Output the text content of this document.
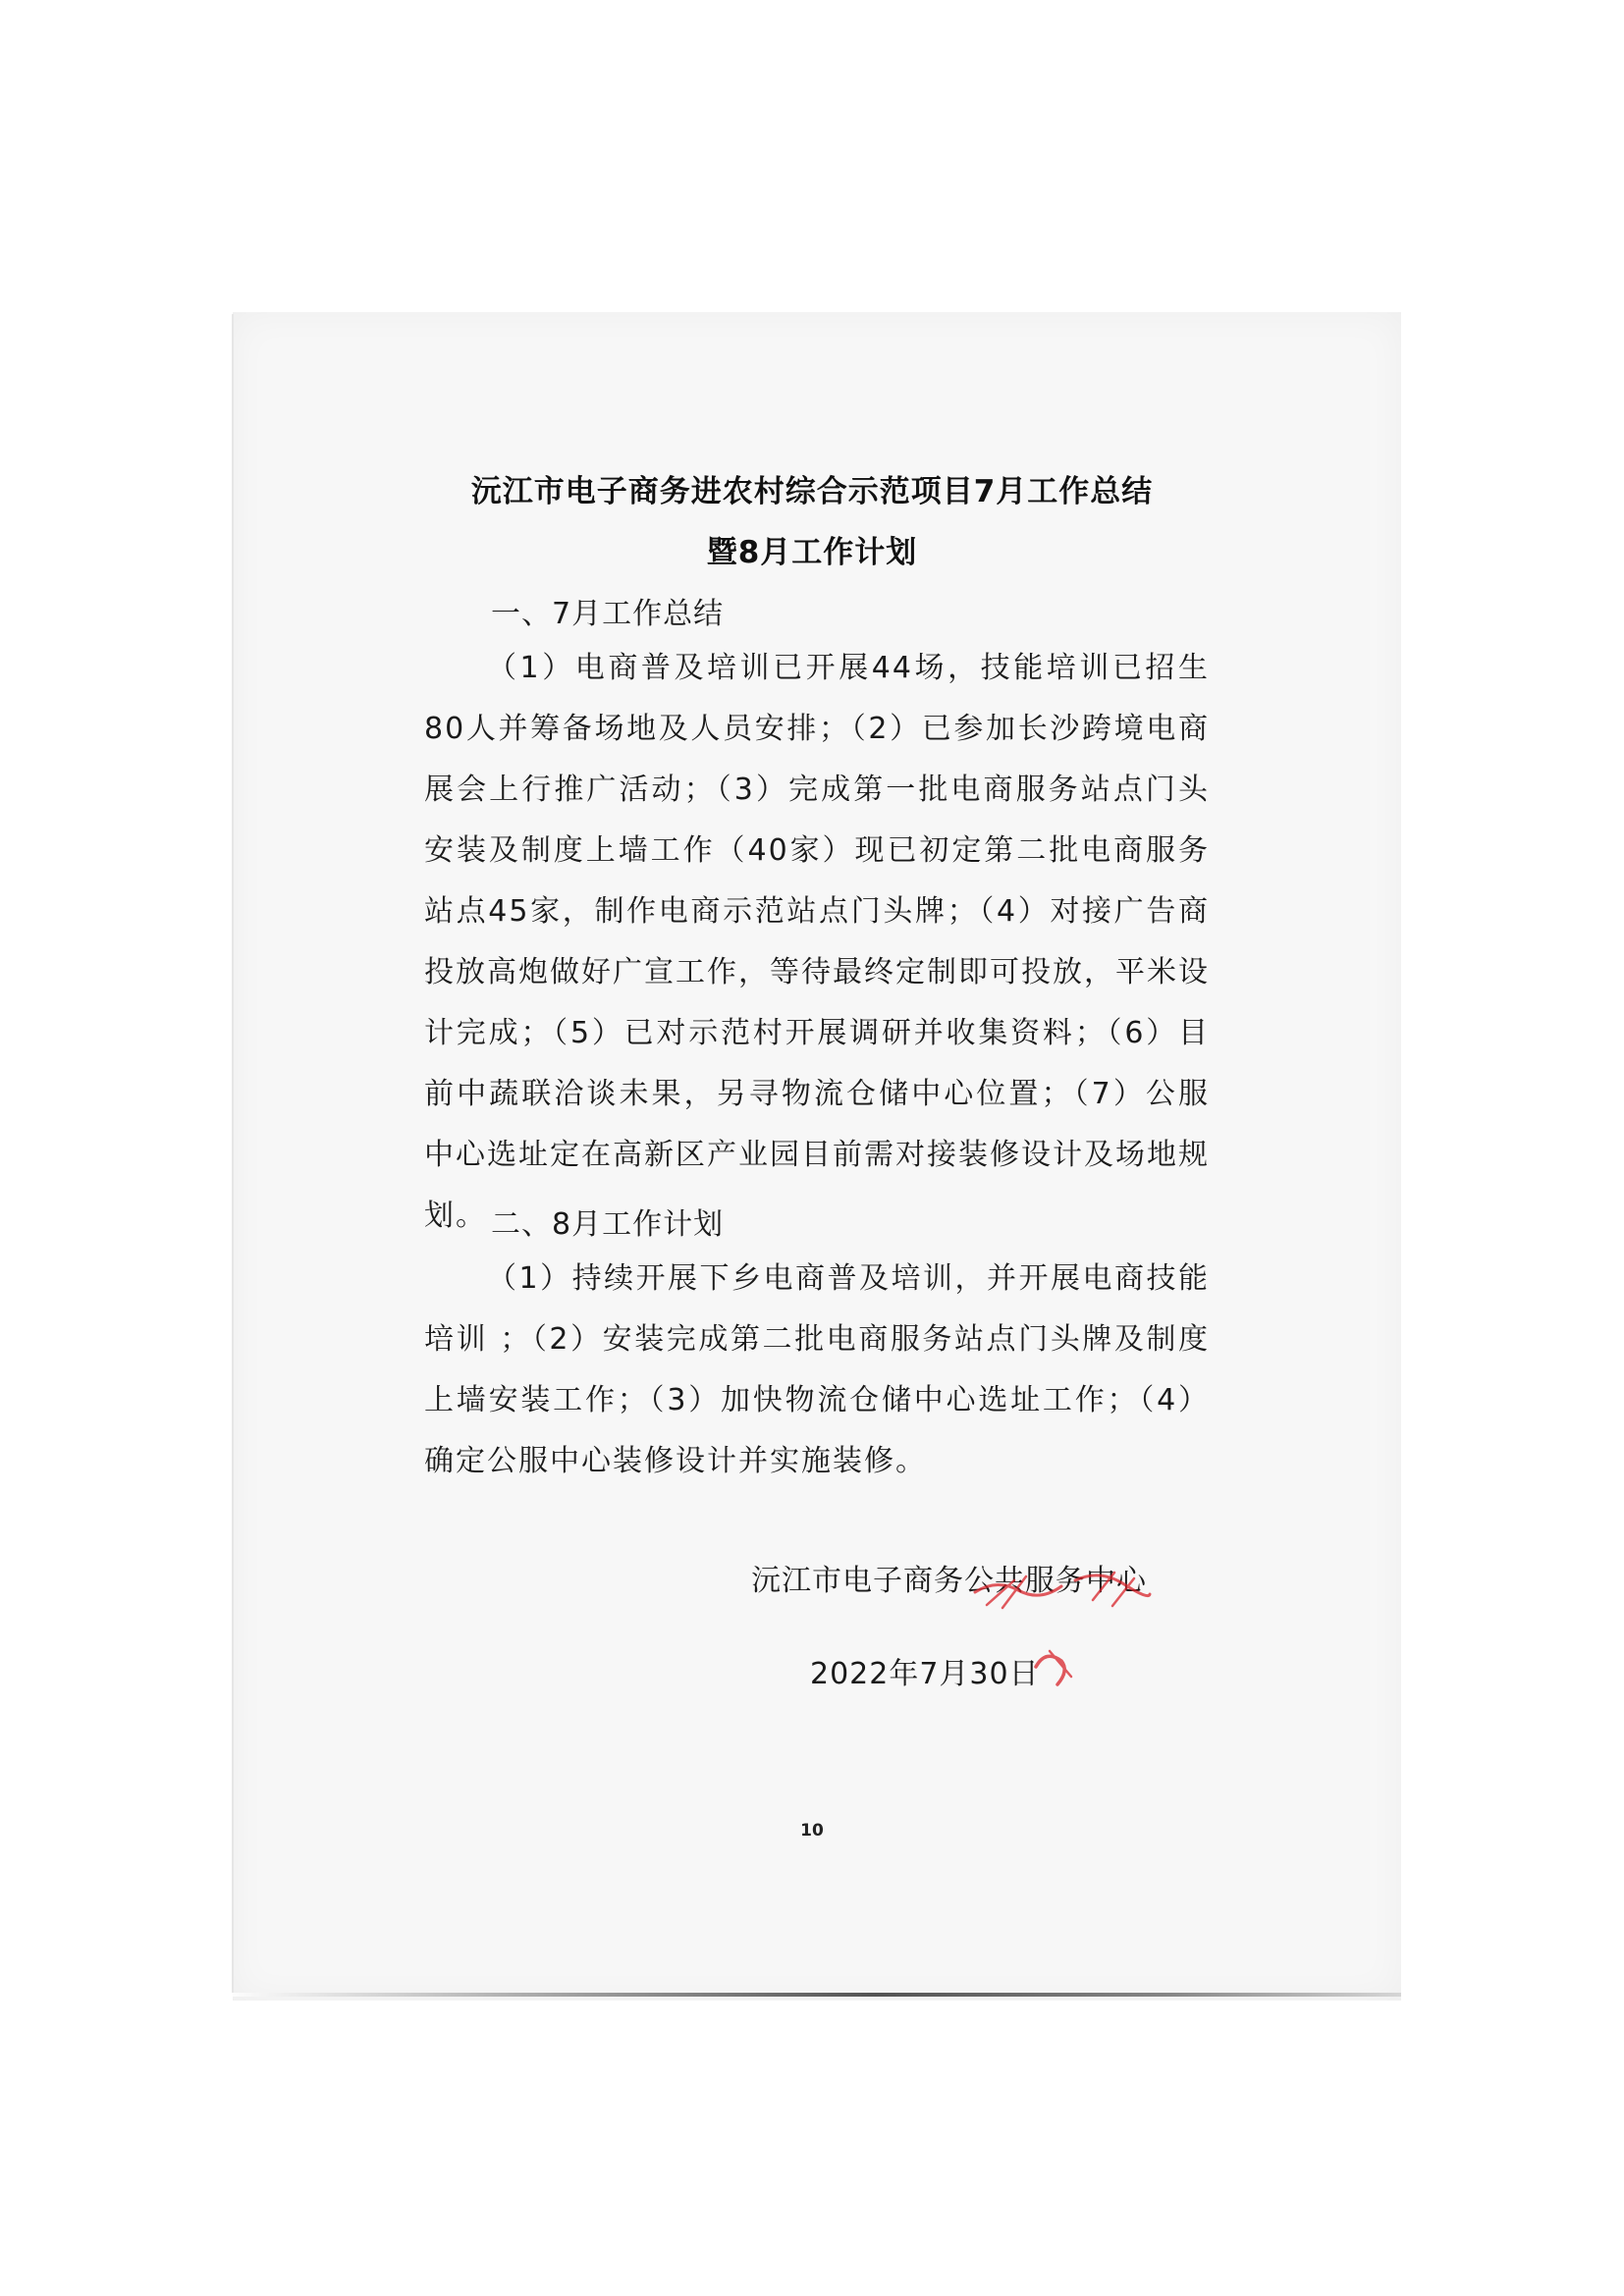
沅江市电子商务进农村综合示范项目7月工作总结
暨8月工作计划
一、7月工作总结
（1）电商普及培训已开展44场，技能培训已招生80人并筹备场地及人员安排；（2）已参加长沙跨境电商展会上行推广活动；（3）完成第一批电商服务站点门头安装及制度上墙工作（40家）现已初定第二批电商服务站点45家，制作电商示范站点门头牌；（4）对接广告商投放高炮做好广宣工作，等待最终定制即可投放，平米设计完成；（5）已对示范村开展调研并收集资料；（6）目前中蔬联洽谈未果，另寻物流仓储中心位置；（7）公服中心选址定在高新区产业园目前需对接装修设计及场地规划。 二、8月工作计划
（1）持续开展下乡电商普及培训，并开展电商技能培训 ；（2）安装完成第二批电商服务站点门头牌及制度上墙安装工作；（3）加快物流仓储中心选址工作；（4）确定公服中心装修设计并实施装修。
沅江市电子商务公共服务中心
2022年7月30日
10
